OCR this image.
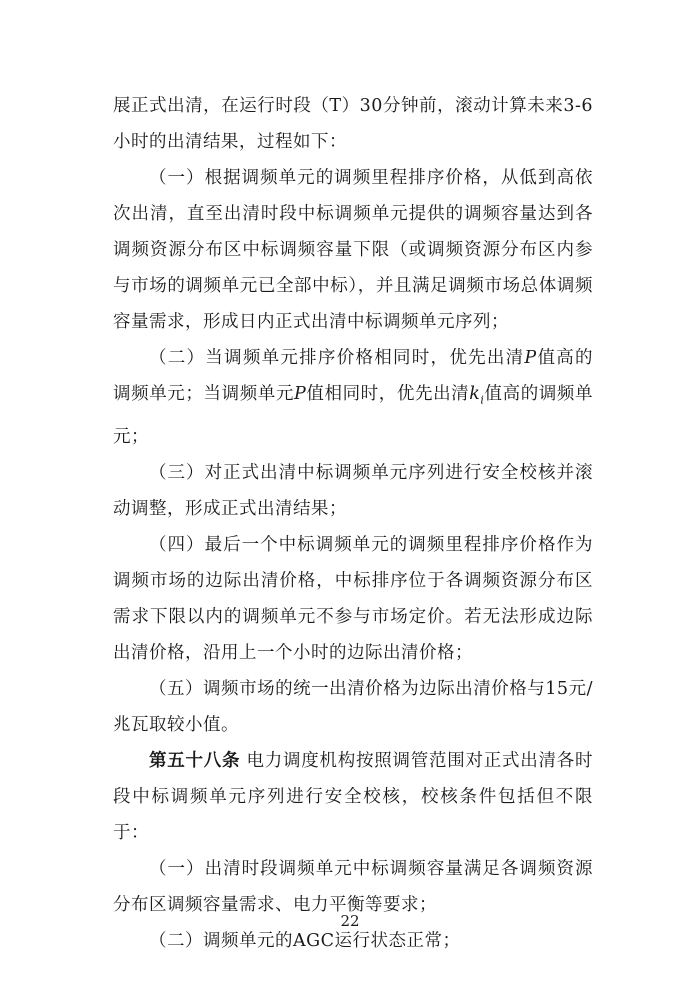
展正式出清，在运行时段（T）30分钟前，滚动计算未来3-6小时的出清结果，过程如下：

（一）根据调频单元的调频里程排序价格，从低到高依次出清，直至出清时段中标调频单元提供的调频容量达到各调频资源分布区中标调频容量下限（或调频资源分布区内参与市场的调频单元已全部中标），并且满足调频市场总体调频容量需求，形成日内正式出清中标调频单元序列；

（二）当调频单元排序价格相同时，优先出清P值高的调频单元；当调频单元P值相同时，优先出清$k_i$值高的调频单元；

（三）对正式出清中标调频单元序列进行安全校核并滚动调整，形成正式出清结果；

（四）最后一个中标调频单元的调频里程排序价格作为调频市场的边际出清价格，中标排序位于各调频资源分布区需求下限以内的调频单元不参与市场定价。若无法形成边际出清价格，沿用上一个小时的边际出清价格；

（五）调频市场的统一出清价格为边际出清价格与15元/兆瓦取较小值。

第五十八条 电力调度机构按照调管范围对正式出清各时段中标调频单元序列进行安全校核，校核条件包括但不限于：

（一）出清时段调频单元中标调频容量满足各调频资源分布区调频容量需求、电力平衡等要求；

（二）调频单元的AGC运行状态正常；

22
